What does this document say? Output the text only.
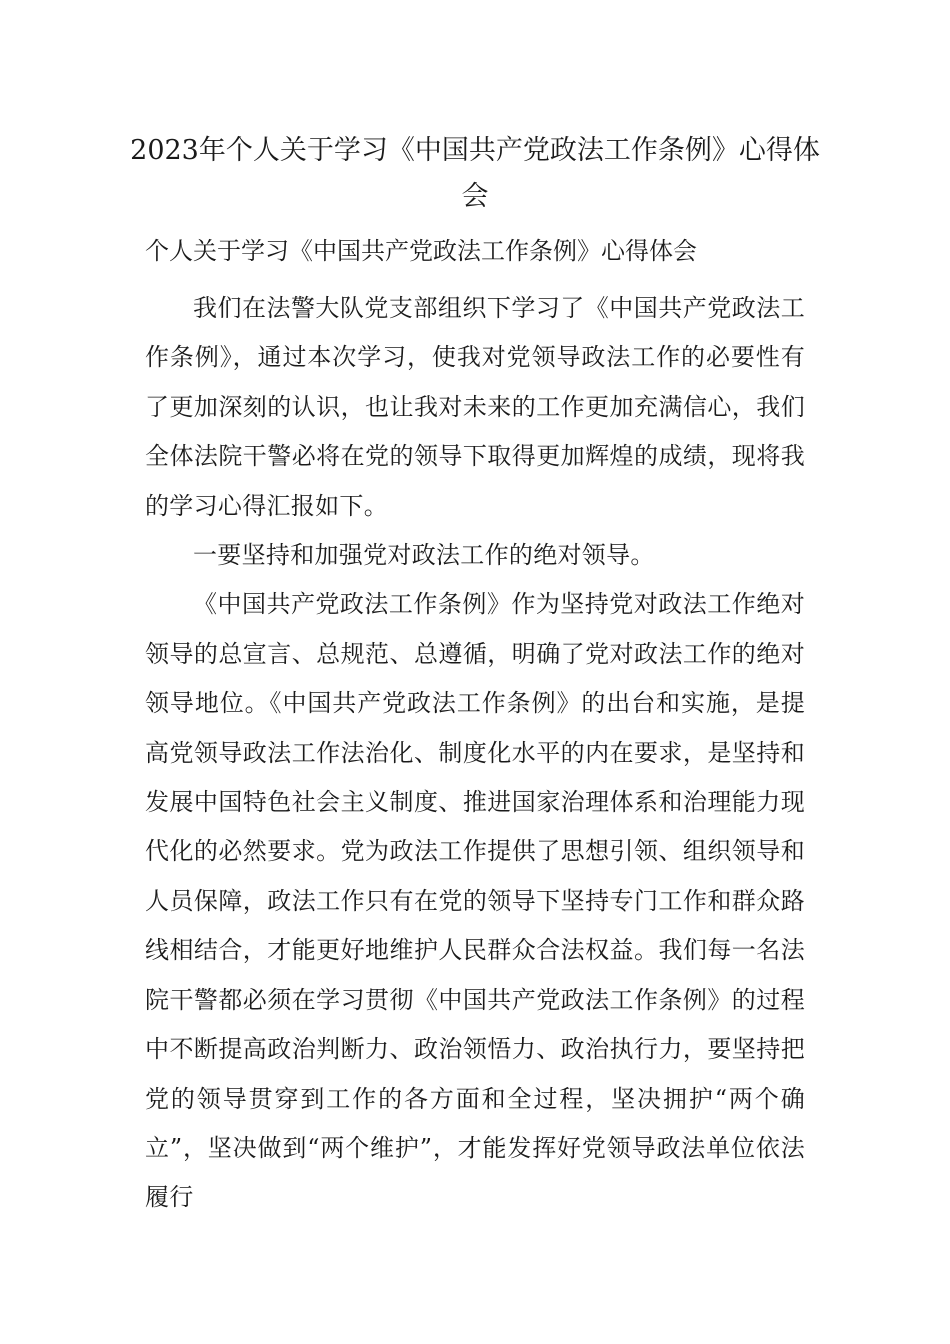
2023年个人关于学习《中国共产党政法工作条例》心得体会

个人关于学习《中国共产党政法工作条例》心得体会

我们在法警大队党支部组织下学习了《中国共产党政法工作条例》，通过本次学习，使我对党领导政法工作的必要性有了更加深刻的认识，也让我对未来的工作更加充满信心，我们全体法院干警必将在党的领导下取得更加辉煌的成绩，现将我的学习心得汇报如下。

一要坚持和加强党对政法工作的绝对领导。

《中国共产党政法工作条例》作为坚持党对政法工作绝对领导的总宣言、总规范、总遵循，明确了党对政法工作的绝对领导地位。《中国共产党政法工作条例》的出台和实施，是提高党领导政法工作法治化、制度化水平的内在要求，是坚持和发展中国特色社会主义制度、推进国家治理体系和治理能力现代化的必然要求。党为政法工作提供了思想引领、组织领导和人员保障，政法工作只有在党的领导下坚持专门工作和群众路线相结合，才能更好地维护人民群众合法权益。我们每一名法院干警都必须在学习贯彻《中国共产党政法工作条例》的过程中不断提高政治判断力、政治领悟力、政治执行力，要坚持把党的领导贯穿到工作的各方面和全过程，坚决拥护“两个确立”，坚决做到“两个维护”，才能发挥好党领导政法单位依法履行
